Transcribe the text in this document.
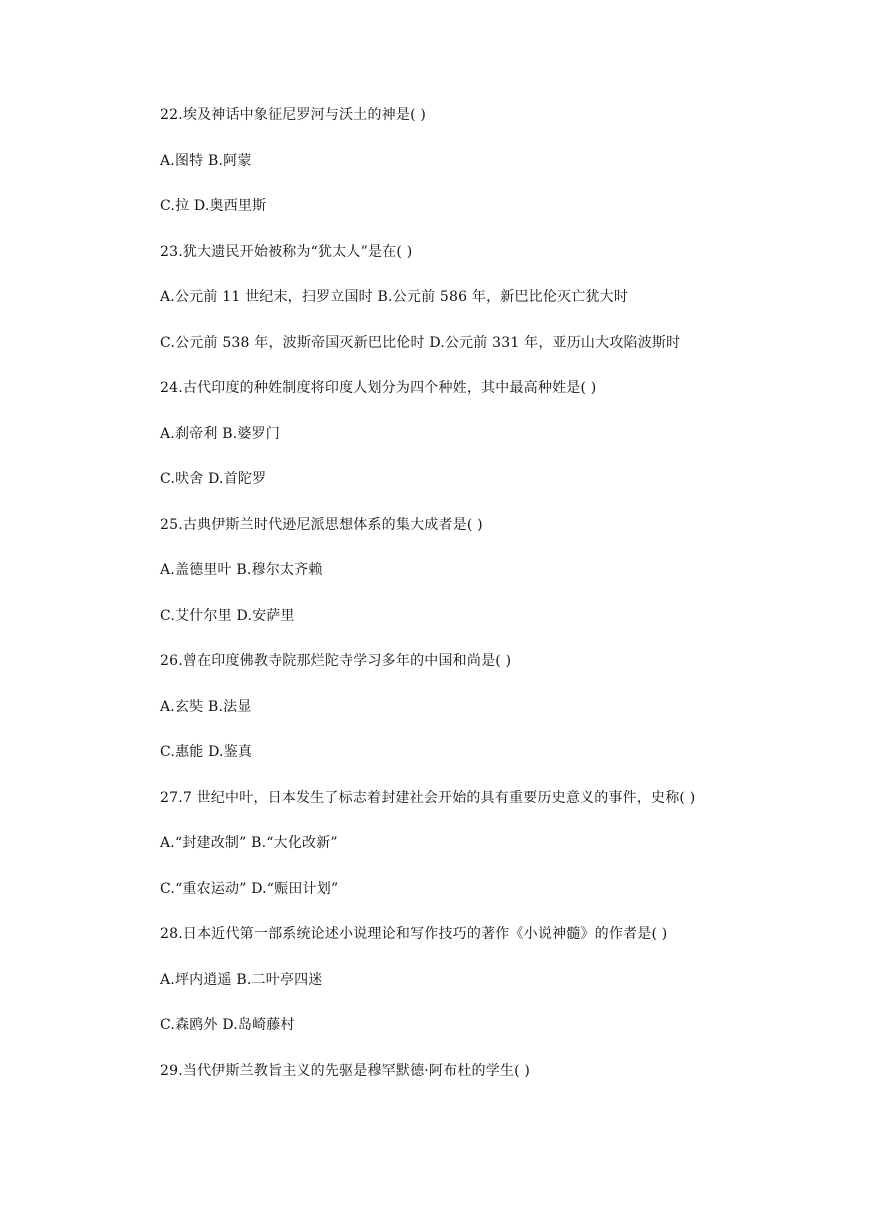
22.埃及神话中象征尼罗河与沃土的神是( )

A.图特 B.阿蒙

C.拉 D.奥西里斯

23.犹大遗民开始被称为“犹太人”是在( )

A.公元前 11 世纪末，扫罗立国时 B.公元前 586 年，新巴比伦灭亡犹大时

C.公元前 538 年，波斯帝国灭新巴比伦时 D.公元前 331 年，亚历山大攻陷波斯时

24.古代印度的种姓制度将印度人划分为四个种姓，其中最高种姓是( )

A.刹帝利 B.婆罗门

C.吠舍 D.首陀罗

25.古典伊斯兰时代逊尼派思想体系的集大成者是( )

A.盖德里叶 B.穆尔太齐赖

C.艾什尔里 D.安萨里

26.曾在印度佛教寺院那烂陀寺学习多年的中国和尚是( )

A.玄奘 B.法显

C.惠能 D.鉴真

27.7 世纪中叶，日本发生了标志着封建社会开始的具有重要历史意义的事件，史称( )

A.“封建改制” B.“大化改新”

C.“重农运动” D.“赈田计划”

28.日本近代第一部系统论述小说理论和写作技巧的著作《小说神髓》的作者是( )

A.坪内逍遥 B.二叶亭四迷

C.森鸥外 D.岛崎藤村

29.当代伊斯兰教旨主义的先驱是穆罕默德·阿布杜的学生( )
